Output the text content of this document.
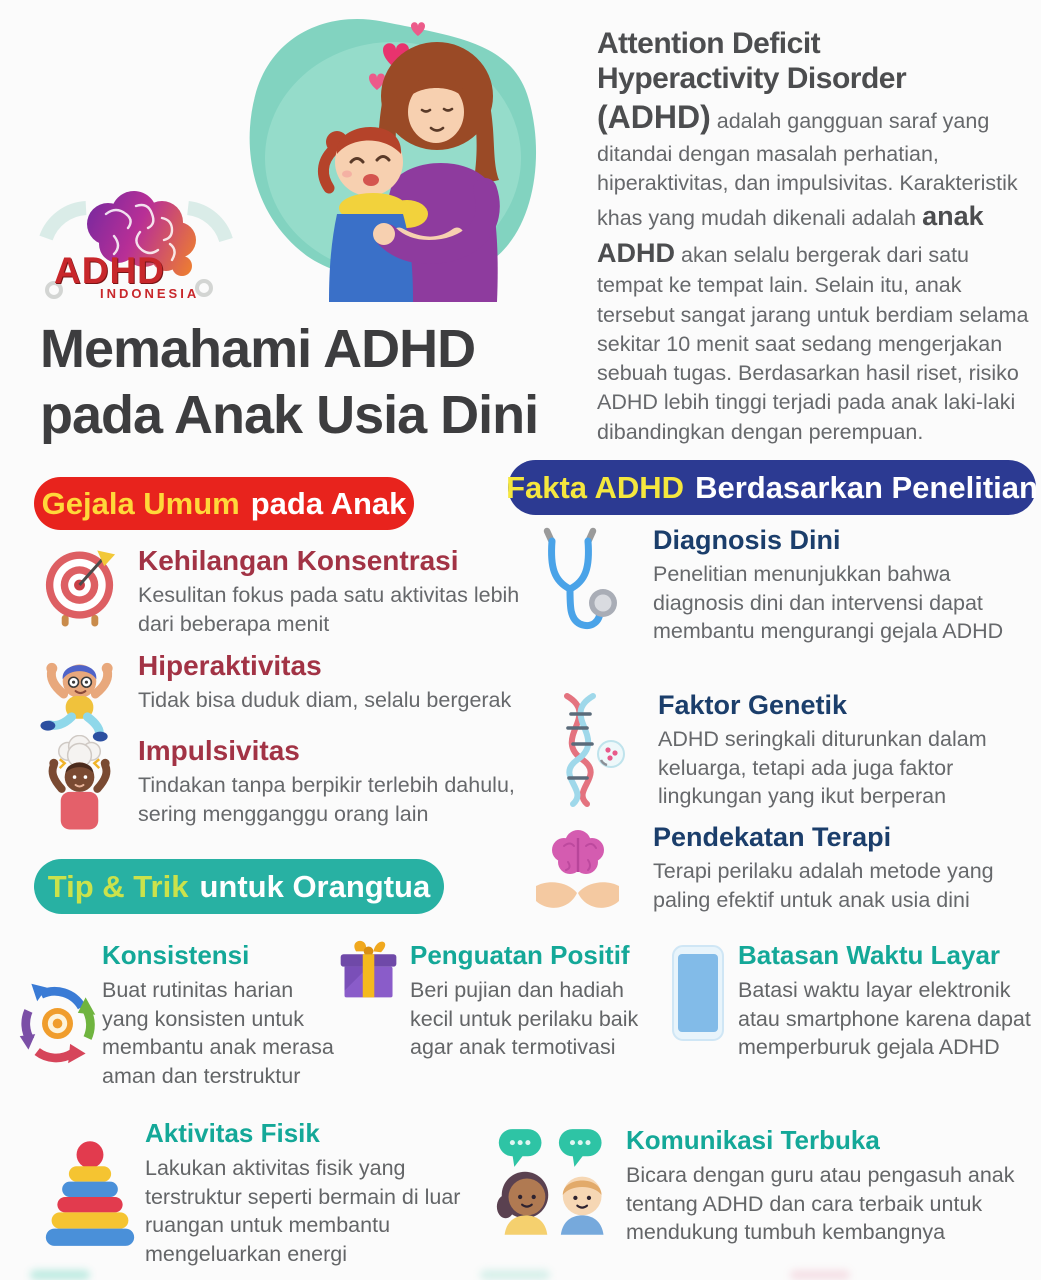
ADHD
INDONESIA
Memahami ADHD
pada Anak Usia Dini
Attention Deficit
Hyperactivity Disorder
(ADHD) adalah gangguan saraf yang ditandai dengan masalah perhatian, hiperaktivitas, dan impulsivitas. Karakteristik khas yang mudah dikenali adalah anak ADHD akan selalu bergerak dari satu tempat ke tempat lain. Selain itu, anak tersebut sangat jarang untuk berdiam selama sekitar 10 menit saat sedang mengerjakan sebuah tugas. Berdasarkan hasil riset, risiko ADHD lebih tinggi terjadi pada anak laki-laki dibandingkan dengan perempuan.
Gejala Umum pada Anak
Kehilangan Konsentrasi

Kesulitan fokus pada satu aktivitas lebih dari beberapa menit

Hiperaktivitas

Tidak bisa duduk diam, selalu bergerak

Impulsivitas

Tindakan tanpa berpikir terlebih dahulu, sering mengganggu orang lain

Fakta ADHD Berdasarkan Penelitian
Diagnosis Dini

Penelitian menunjukkan bahwa diagnosis dini dan intervensi dapat membantu mengurangi gejala ADHD

Faktor Genetik

ADHD seringkali diturunkan dalam keluarga, tetapi ada juga faktor lingkungan yang ikut berperan

Pendekatan Terapi

Terapi perilaku adalah metode yang paling efektif untuk anak usia dini

Tip & Trik untuk Orangtua
Konsistensi

Buat rutinitas harian yang konsisten untuk membantu anak merasa aman dan terstruktur

Penguatan Positif

Beri pujian dan hadiah kecil untuk perilaku baik agar anak termotivasi

Batasan Waktu Layar

Batasi waktu layar elektronik atau smartphone karena dapat memperburuk gejala ADHD

Aktivitas Fisik

Lakukan aktivitas fisik yang terstruktur seperti bermain di luar ruangan untuk membantu mengeluarkan energi

Komunikasi Terbuka

Bicara dengan guru atau pengasuh anak tentang ADHD dan cara terbaik untuk mendukung tumbuh kembangnya
